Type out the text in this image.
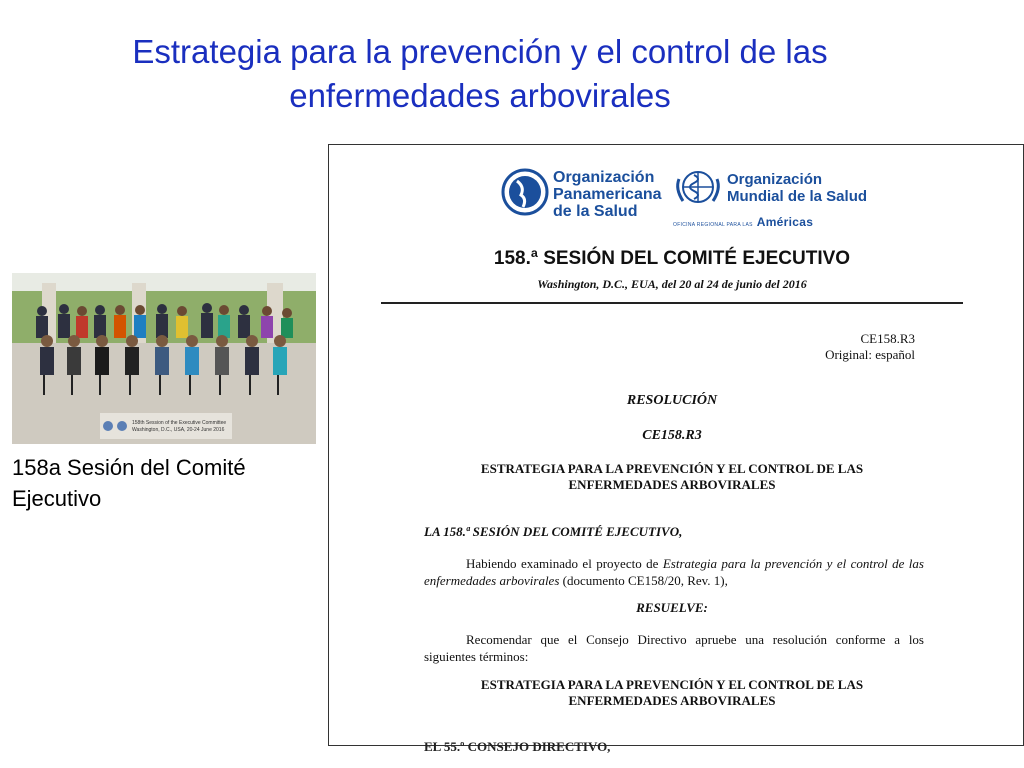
Estrategia para la prevención y el control de las
enfermedades arbovirales
158th Session of the Executive Committee
Washington, D.C., USA, 20-24 June 2016
158a Sesión del Comité
Ejecutivo
Organización
Panamericana
de la Salud
Organización
Mundial de la Salud
OFICINA REGIONAL PARA LAS Américas
158.ª SESIÓN DEL COMITÉ EJECUTIVO
Washington, D.C., EUA, del 20 al 24 de junio del 2016
CE158.R3
Original: español
RESOLUCIÓN
CE158.R3
ESTRATEGIA PARA LA PREVENCIÓN Y EL CONTROL DE LAS
ENFERMEDADES ARBOVIRALES
LA 158.ª SESIÓN DEL COMITÉ EJECUTIVO,
Habiendo examinado el proyecto de Estrategia para la prevención y el control de las enfermedades arbovirales (documento CE158/20, Rev. 1),
RESUELVE:
Recomendar que el Consejo Directivo apruebe una resolución conforme a los siguientes términos:
ESTRATEGIA PARA LA PREVENCIÓN Y EL CONTROL DE LAS
ENFERMEDADES ARBOVIRALES
EL 55.º CONSEJO DIRECTIVO,
